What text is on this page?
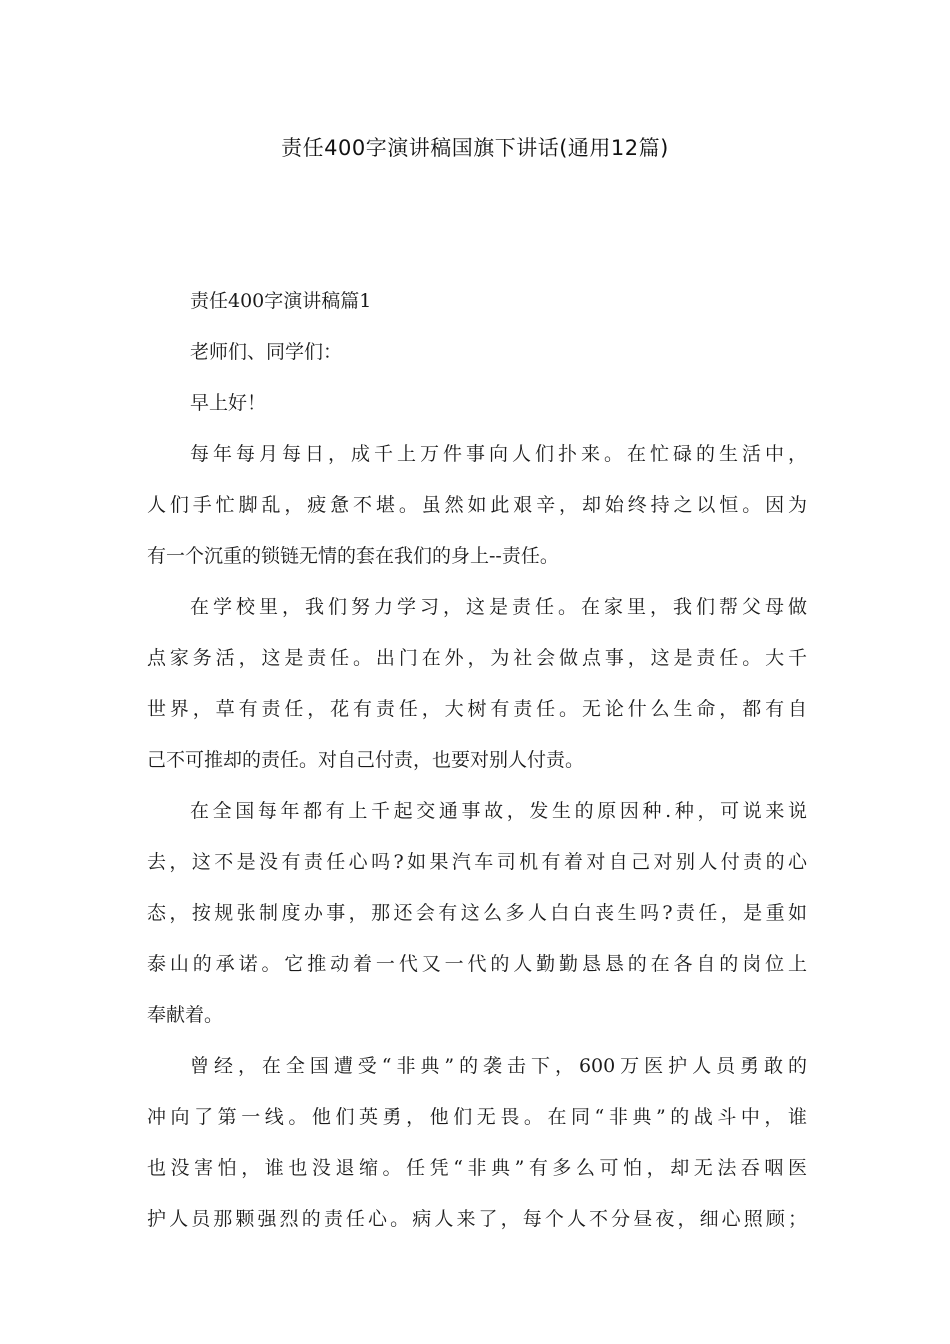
责任400字演讲稿国旗下讲话(通用12篇)
责任400字演讲稿篇1
老师们、同学们：
早上好！
每年每月每日，成千上万件事向人们扑来。在忙碌的生活中，
人们手忙脚乱，疲惫不堪。虽然如此艰辛，却始终持之以恒。因为
有一个沉重的锁链无情的套在我们的身上--责任。
在学校里，我们努力学习，这是责任。在家里，我们帮父母做
点家务活，这是责任。出门在外，为社会做点事，这是责任。大千
世界，草有责任，花有责任，大树有责任。无论什么生命，都有自
己不可推却的责任。对自己付责，也要对别人付责。
在全国每年都有上千起交通事故，发生的原因种.种，可说来说
去，这不是没有责任心吗?如果汽车司机有着对自己对别人付责的心
态，按规张制度办事，那还会有这么多人白白丧生吗?责任，是重如
泰山的承诺。它推动着一代又一代的人勤勤恳恳的在各自的岗位上
奉献着。
曾经，在全国遭受“非典”的袭击下，600万医护人员勇敢的
冲向了第一线。他们英勇，他们无畏。在同“非典”的战斗中，谁
也没害怕，谁也没退缩。任凭“非典”有多么可怕，却无法吞咽医
护人员那颗强烈的责任心。病人来了，每个人不分昼夜，细心照顾；
